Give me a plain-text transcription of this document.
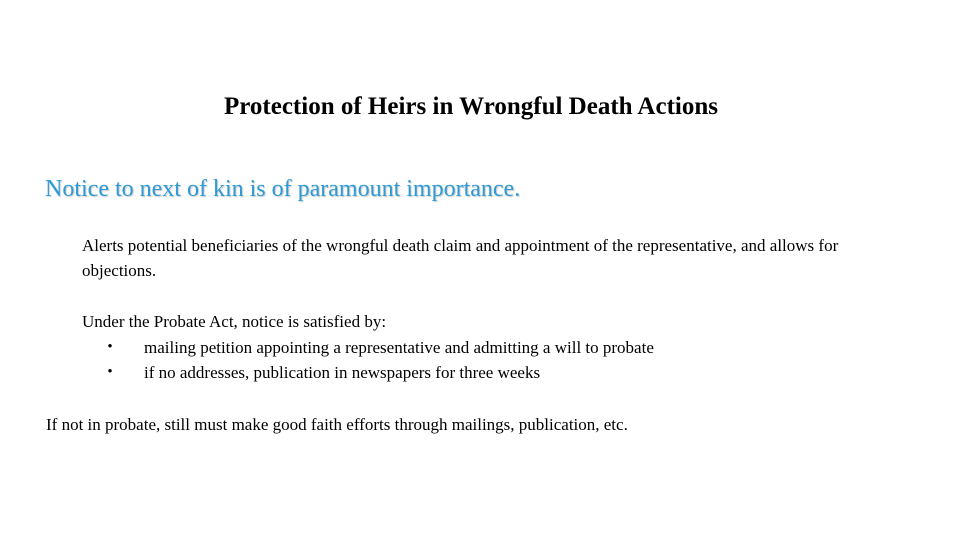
Protection of Heirs in Wrongful Death Actions
Notice to next of kin is of paramount importance.
Alerts potential beneficiaries of the wrongful death claim and appointment of the representative, and allows for objections.
Under the Probate Act, notice is satisfied by:
• mailing petition appointing a representative and admitting a will to probate
• if no addresses, publication in newspapers for three weeks
If not in probate, still must make good faith efforts through mailings, publication, etc.
